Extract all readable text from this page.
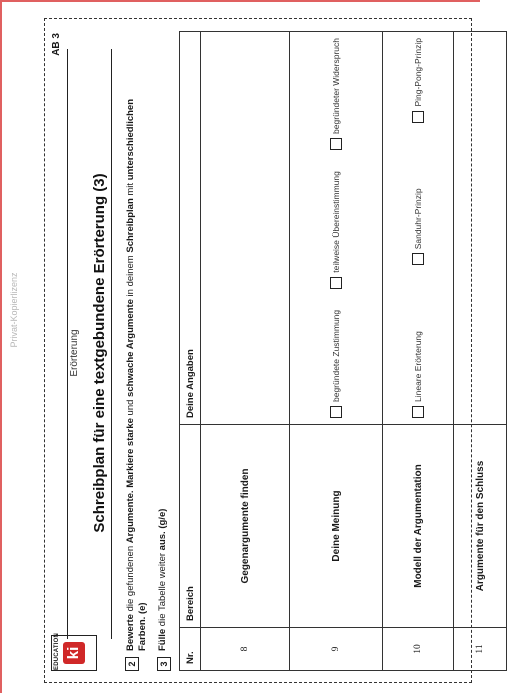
Privat-Kopierlizenz
EDUCATION ki
AB 3
Erörterung Schreibplan für eine textgebundene Erörterung (3)
2Bewerte die gefundenen Argumente. Markiere starke und schwache Argumente in deinem Schreibplan mit unterschiedlichen Farben. (e)
3Fülle die Tabelle weiter aus. (g/e)
Nr.	Bereich	Deine Angaben
8	Gegenargumente finden	
9	Deine Meinung	begründete Zustimmung
teilweise Übereinstimmung
begründeter Widerspruch

10	Modell der Argumentation	Lineare Erörterung
Sanduhr-Prinzip
Ping-Pong-Prinzip

11	Argumente für den Schluss	
